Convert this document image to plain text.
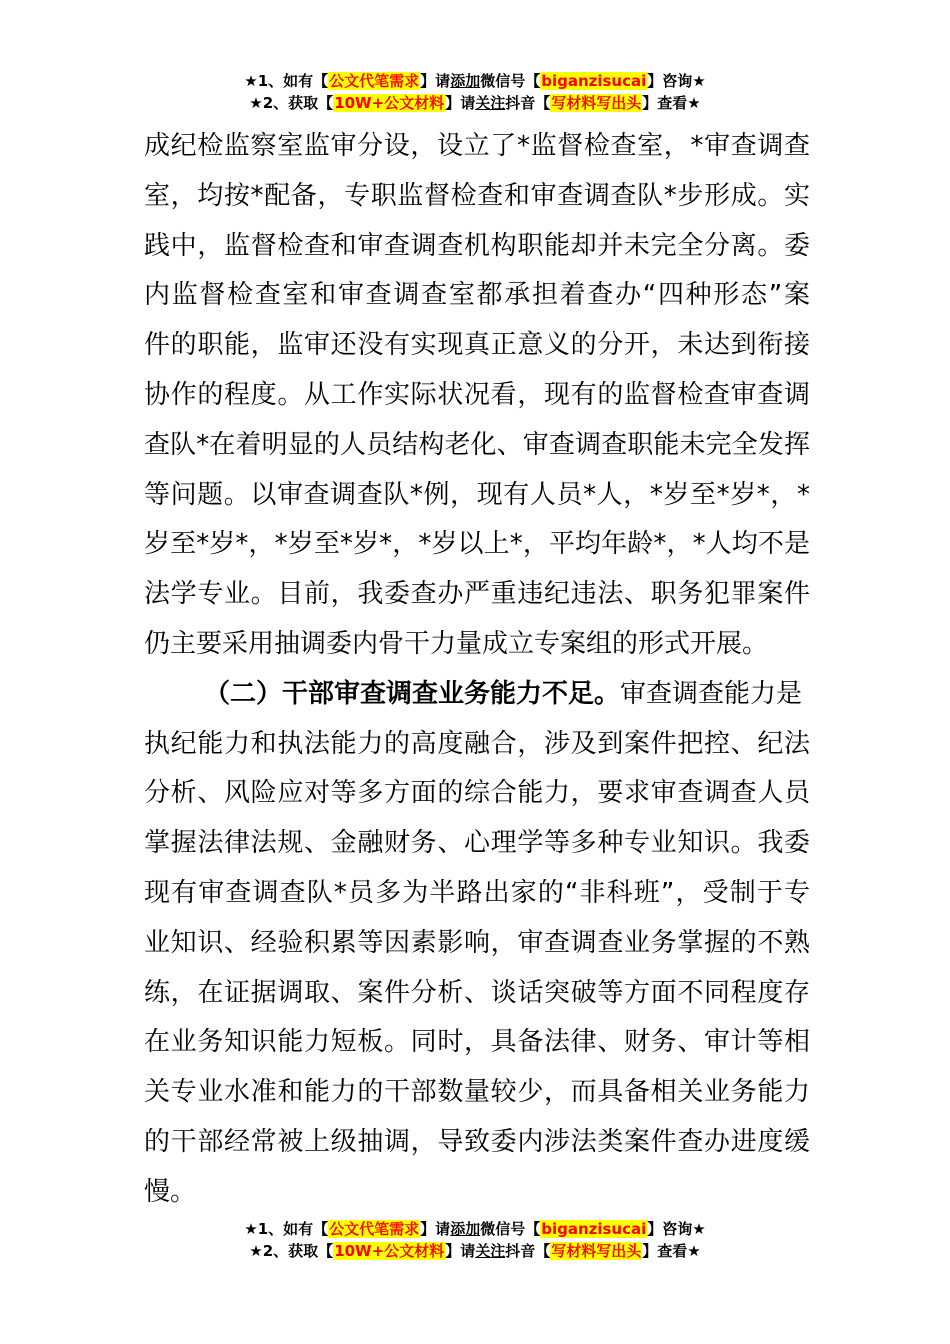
★1、如有【公文代笔需求】请添加微信号【biganzisucai】咨询★
★2、获取【10W+公文材料】请关注抖音【写材料写出头】查看★
成纪检监察室监审分设，设立了*监督检查室，*审查调查
室，均按*配备，专职监督检查和审查调查队*步形成。实
践中，监督检查和审查调查机构职能却并未完全分离。委
内监督检查室和审查调查室都承担着查办“四种形态”案
件的职能，监审还没有实现真正意义的分开，未达到衔接
协作的程度。从工作实际状况看，现有的监督检查审查调
查队*在着明显的人员结构老化、审查调查职能未完全发挥
等问题。以审查调查队*例，现有人员*人，*岁至*岁*，*
岁至*岁*，*岁至*岁*，*岁以上*，平均年龄*，*人均不是
法学专业。目前，我委查办严重违纪违法、职务犯罪案件
仍主要采用抽调委内骨干力量成立专案组的形式开展。
（二）干部审查调查业务能力不足。审查调查能力是
执纪能力和执法能力的高度融合，涉及到案件把控、纪法
分析、风险应对等多方面的综合能力，要求审查调查人员
掌握法律法规、金融财务、心理学等多种专业知识。我委
现有审查调查队*员多为半路出家的“非科班”，受制于专
业知识、经验积累等因素影响，审查调查业务掌握的不熟
练，在证据调取、案件分析、谈话突破等方面不同程度存
在业务知识能力短板。同时，具备法律、财务、审计等相
关专业水准和能力的干部数量较少，而具备相关业务能力
的干部经常被上级抽调，导致委内涉法类案件查办进度缓
慢。
★1、如有【公文代笔需求】请添加微信号【biganzisucai】咨询★
★2、获取【10W+公文材料】请关注抖音【写材料写出头】查看★
